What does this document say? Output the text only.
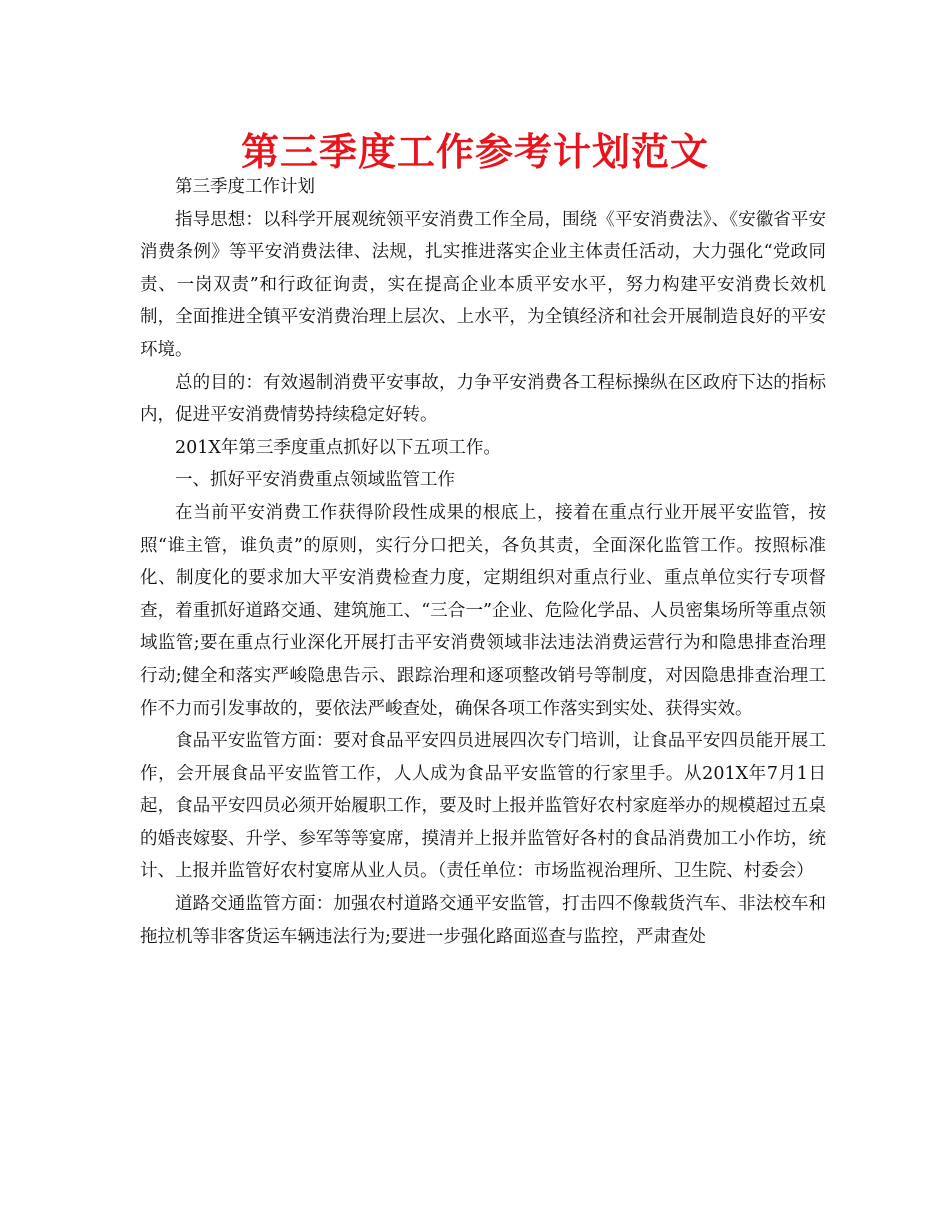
第三季度工作参考计划范文

第三季度工作计划

指导思想：以科学开展观统领平安消费工作全局，围绕《平安消费法》、《安徽省平安消费条例》等平安消费法律、法规，扎实推进落实企业主体责任活动，大力强化“党政同责、一岗双责”和行政征询责，实在提高企业本质平安水平，努力构建平安消费长效机制，全面推进全镇平安消费治理上层次、上水平，为全镇经济和社会开展制造良好的平安环境。

总的目的：有效遏制消费平安事故，力争平安消费各工程标操纵在区政府下达的指标内，促进平安消费情势持续稳定好转。

201X年第三季度重点抓好以下五项工作。

一、抓好平安消费重点领域监管工作

在当前平安消费工作获得阶段性成果的根底上，接着在重点行业开展平安监管，按照“谁主管，谁负责”的原则，实行分口把关，各负其责，全面深化监管工作。按照标准化、制度化的要求加大平安消费检查力度，定期组织对重点行业、重点单位实行专项督查，着重抓好道路交通、建筑施工、“三合一”企业、危险化学品、人员密集场所等重点领域监管;要在重点行业深化开展打击平安消费领域非法违法消费运营行为和隐患排查治理行动;健全和落实严峻隐患告示、跟踪治理和逐项整改销号等制度，对因隐患排查治理工作不力而引发事故的，要依法严峻查处，确保各项工作落实到实处、获得实效。

食品平安监管方面：要对食品平安四员进展四次专门培训，让食品平安四员能开展工作，会开展食品平安监管工作，人人成为食品平安监管的行家里手。从201X年7月1日起，食品平安四员必须开始履职工作，要及时上报并监管好农村家庭举办的规模超过五桌的婚丧嫁娶、升学、参军等等宴席，摸清并上报并监管好各村的食品消费加工小作坊，统计、上报并监管好农村宴席从业人员。（责任单位：市场监视治理所、卫生院、村委会）

道路交通监管方面：加强农村道路交通平安监管，打击四不像载货汽车、非法校车和拖拉机等非客货运车辆违法行为;要进一步强化路面巡查与监控，严肃查处
